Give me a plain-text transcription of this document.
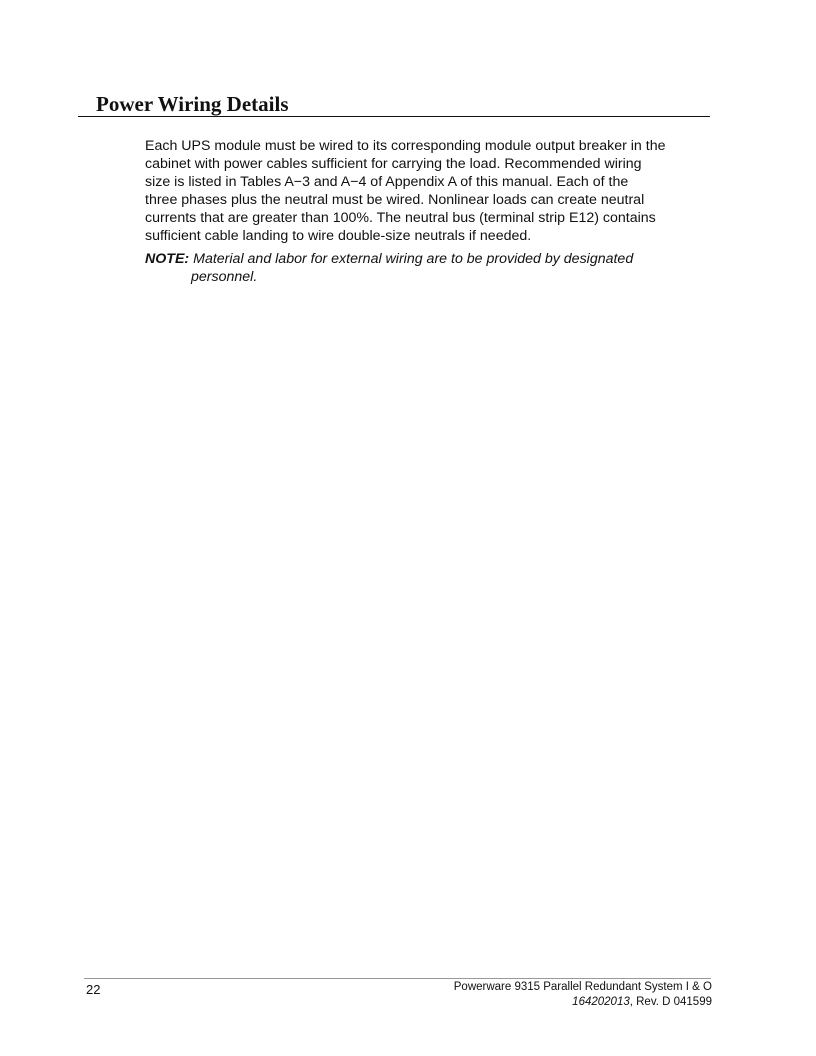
Power Wiring Details

Each UPS module must be wired to its corresponding module output breaker in the
cabinet with power cables sufficient for carrying the load. Recommended wiring
size is listed in Tables A−3 and A−4 of Appendix A of this manual. Each of the
three phases plus the neutral must be wired. Nonlinear loads can create neutral
currents that are greater than 100%. The neutral bus (terminal strip E12) contains
sufficient cable landing to wire double-size neutrals if needed.

NOTE: Material and labor for external wiring are to be provided by designated
personnel.

22	Powerware 9315 Parallel Redundant System I & O
164202013, Rev. D 041599
